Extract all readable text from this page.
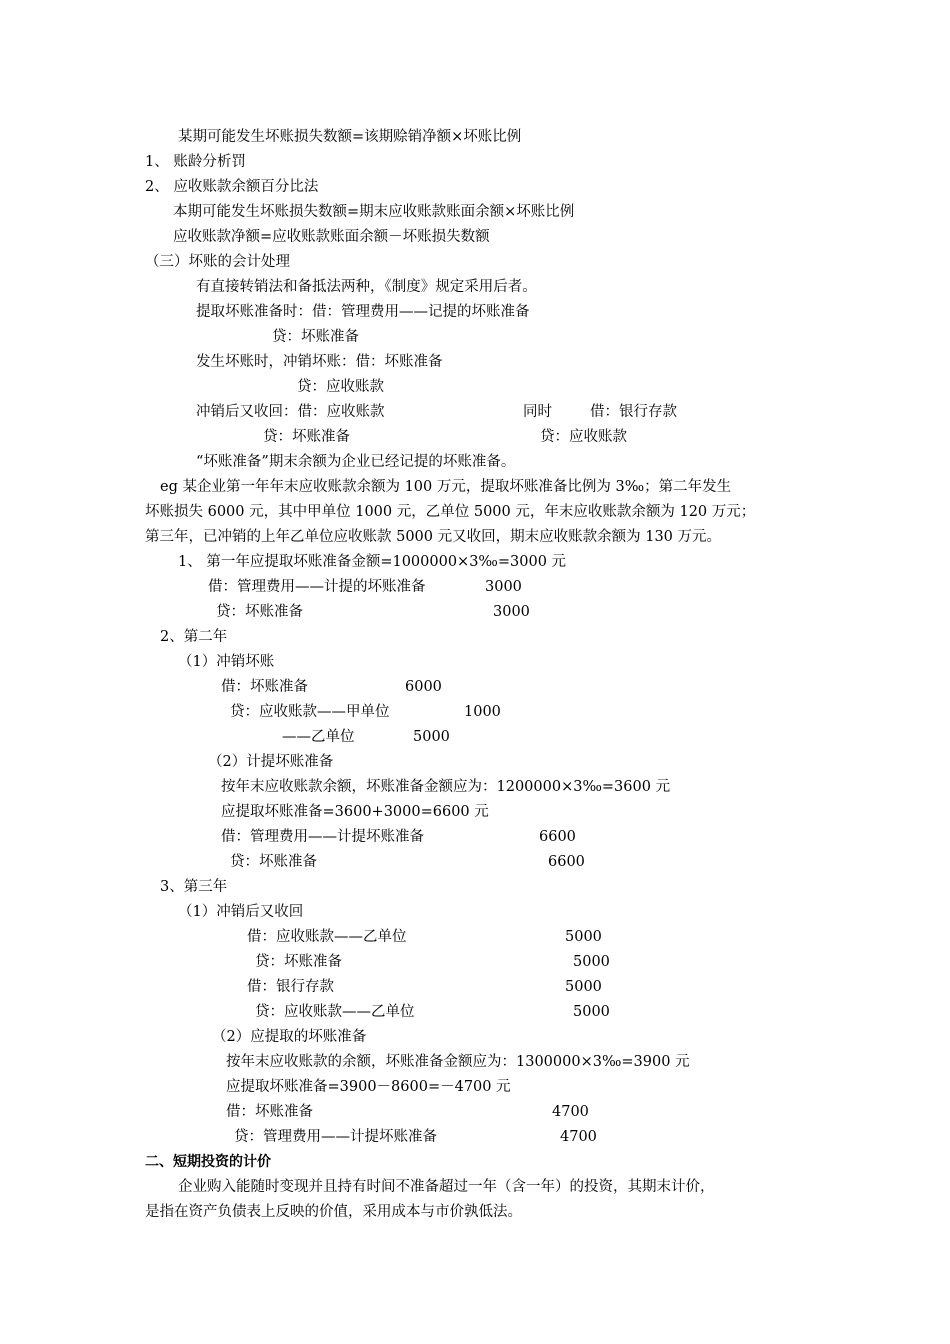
某期可能发生坏账损失数额=该期赊销净额×坏账比例
1、 账龄分析罚
2、 应收账款余额百分比法
本期可能发生坏账损失数额=期末应收账款账面余额×坏账比例
应收账款净额=应收账款账面余额－坏账损失数额
（三）坏账的会计处理
有直接转销法和备抵法两种，《制度》规定采用后者。
提取坏账准备时：借：管理费用——记提的坏账准备
贷：坏账准备
发生坏账时，冲销坏账：借：坏账准备
贷：应收账款
冲销后又收回：借：应收账款	同时	借：银行存款
贷：坏账准备	贷：应收账款
“坏账准备”期末余额为企业已经记提的坏账准备。
eg 某企业第一年年末应收账款余额为 100 万元，提取坏账准备比例为 3‰；第二年发生
坏账损失 6000 元，其中甲单位 1000 元，乙单位 5000 元，年末应收账款余额为 120 万元；
第三年，已冲销的上年乙单位应收账款 5000 元又收回，期末应收账款余额为 130 万元。
1、 第一年应提取坏账准备金额=1000000×3‰=3000 元
借：管理费用——计提的坏账准备	3000
贷：坏账准备	3000
2、第二年
（1）冲销坏账
借：坏账准备	6000
贷：应收账款——甲单位	1000
——乙单位	5000
（2）计提坏账准备
按年末应收账款余额，坏账准备金额应为：1200000×3‰=3600 元
应提取坏账准备=3600+3000=6600 元
借：管理费用——计提坏账准备	6600
贷：坏账准备	6600
3、第三年
（1）冲销后又收回
借：应收账款——乙单位	5000
贷：坏账准备	5000
借：银行存款	5000
贷：应收账款——乙单位	5000
（2）应提取的坏账准备
按年末应收账款的余额，坏账准备金额应为：1300000×3‰=3900 元
应提取坏账准备=3900－8600=－4700 元
借：坏账准备	4700
贷：管理费用——计提坏账准备	4700
二、短期投资的计价
企业购入能随时变现并且持有时间不准备超过一年（含一年）的投资，其期末计价，
是指在资产负债表上反映的价值，采用成本与市价孰低法。
